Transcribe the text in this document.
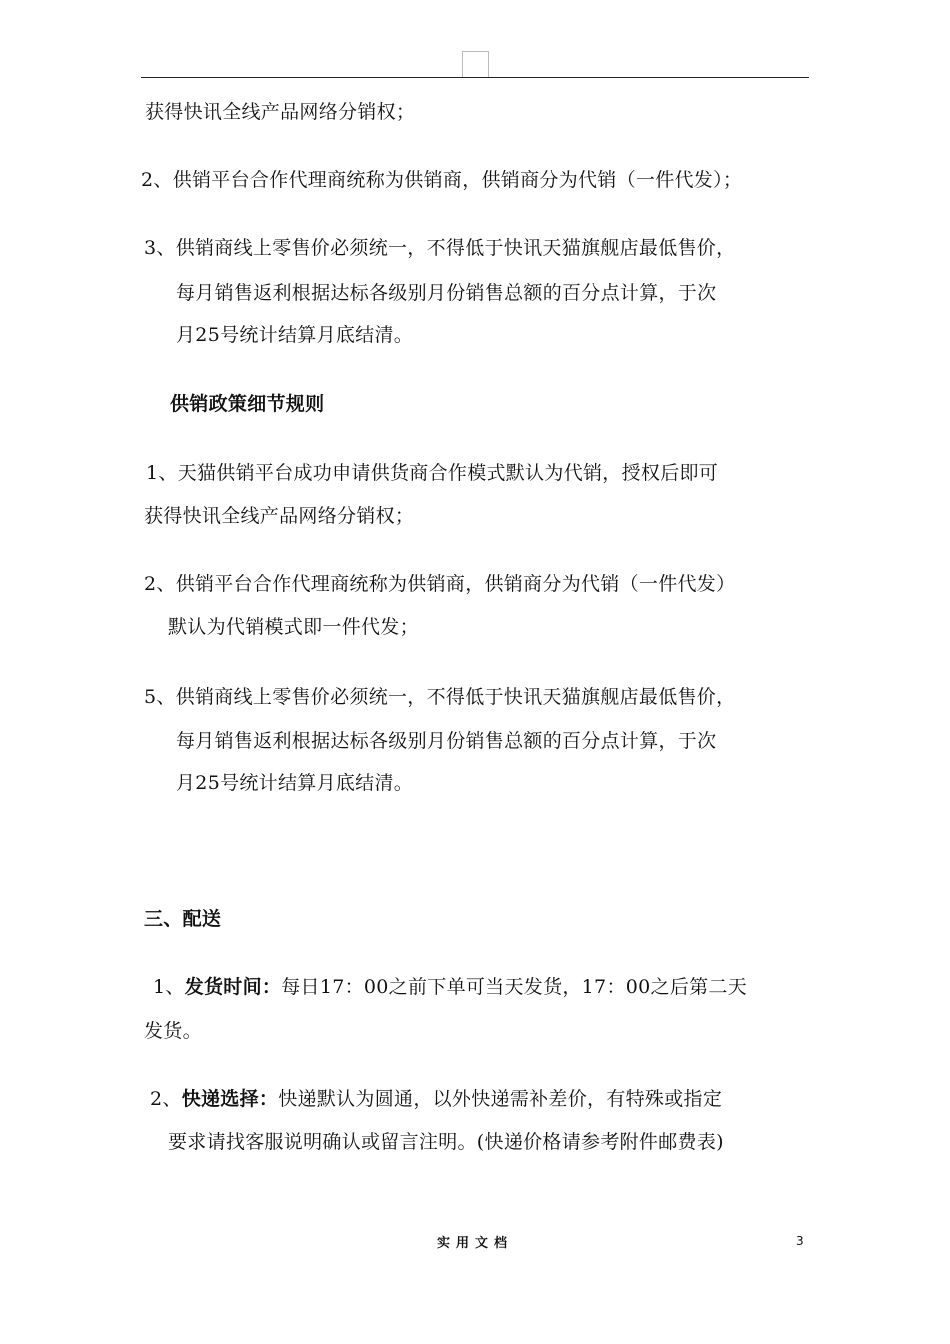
获得快讯全线产品网络分销权；
2、供销平台合作代理商统称为供销商，供销商分为代销（一件代发）；
3、供销商线上零售价必须统一，不得低于快讯天猫旗舰店最低售价，
每月销售返利根据达标各级别月份销售总额的百分点计算，于次
月25号统计结算月底结清。
供销政策细节规则
1、天猫供销平台成功申请供货商合作模式默认为代销，授权后即可
获得快讯全线产品网络分销权；
2、供销平台合作代理商统称为供销商，供销商分为代销（一件代发）
默认为代销模式即一件代发；
5、供销商线上零售价必须统一，不得低于快讯天猫旗舰店最低售价，
每月销售返利根据达标各级别月份销售总额的百分点计算，于次
月25号统计结算月底结清。
三、配送
1、发货时间：每日17：00之前下单可当天发货，17：00之后第二天
发货。
2、快递选择：快递默认为圆通，以外快递需补差价，有特殊或指定
要求请找客服说明确认或留言注明。(快递价格请参考附件邮费表)
实用文档	3
